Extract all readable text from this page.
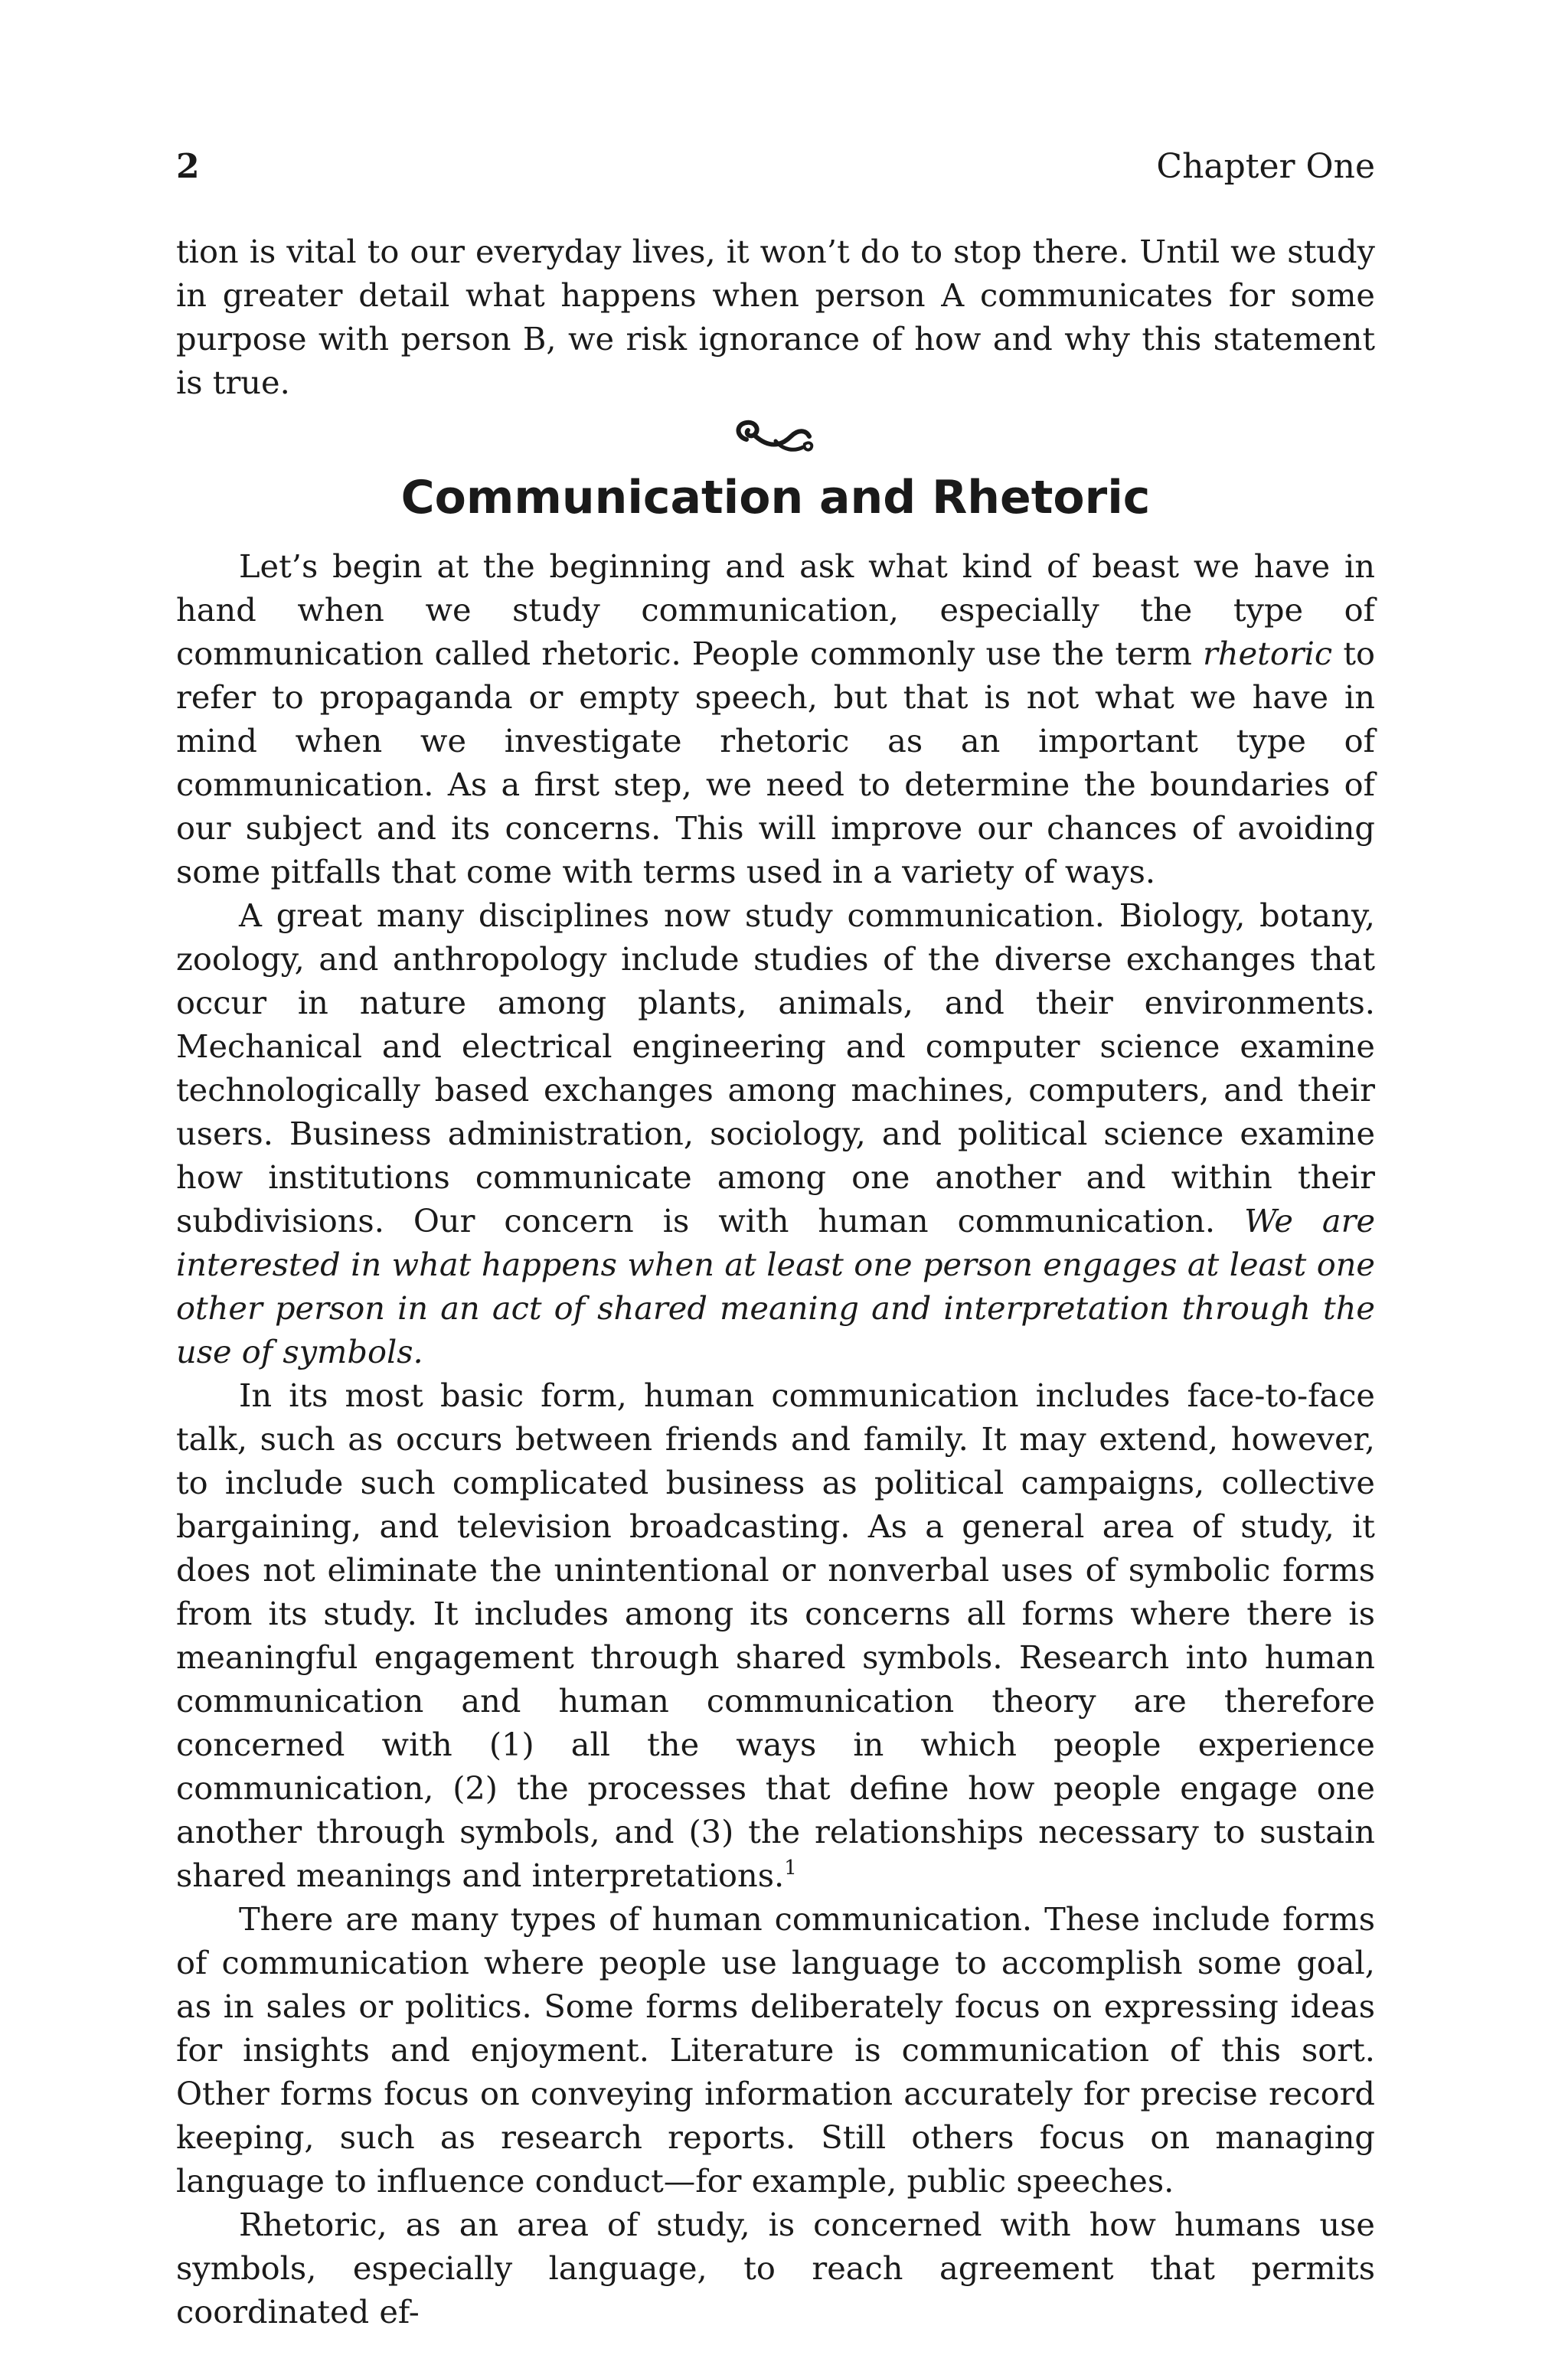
2	Chapter One

tion is vital to our everyday lives, it won’t do to stop there. Until we study in greater detail what happens when person A communicates for some purpose with person B, we risk ignorance of how and why this statement is true.

Communication and Rhetoric

Let’s begin at the beginning and ask what kind of beast we have in hand when we study communication, especially the type of communication called rhetoric. People commonly use the term rhetoric to refer to propaganda or empty speech, but that is not what we have in mind when we investigate rhetoric as an important type of communication. As a first step, we need to determine the boundaries of our subject and its concerns. This will improve our chances of avoiding some pitfalls that come with terms used in a variety of ways.

A great many disciplines now study communication. Biology, botany, zoology, and anthropology include studies of the diverse exchanges that occur in nature among plants, animals, and their environments. Mechanical and electrical engineering and computer science examine technologically based exchanges among machines, computers, and their users. Business administration, sociology, and political science examine how institutions communicate among one another and within their subdivisions. Our concern is with human communication. We are interested in what happens when at least one person engages at least one other person in an act of shared meaning and interpretation through the use of symbols.

In its most basic form, human communication includes face-to-face talk, such as occurs between friends and family. It may extend, however, to include such complicated business as political campaigns, collective bargaining, and television broadcasting. As a general area of study, it does not eliminate the unintentional or nonverbal uses of symbolic forms from its study. It includes among its concerns all forms where there is meaningful engagement through shared symbols. Research into human communication and human communication theory are therefore concerned with (1) all the ways in which people experience communication, (2) the processes that define how people engage one another through symbols, and (3) the relationships necessary to sustain shared meanings and interpretations.$^1$

There are many types of human communication. These include forms of communication where people use language to accomplish some goal, as in sales or politics. Some forms deliberately focus on expressing ideas for insights and enjoyment. Literature is communication of this sort. Other forms focus on conveying information accurately for precise record keeping, such as research reports. Still others focus on managing language to influence conduct—for example, public speeches.

Rhetoric, as an area of study, is concerned with how humans use symbols, especially language, to reach agreement that permits coordinated ef-
